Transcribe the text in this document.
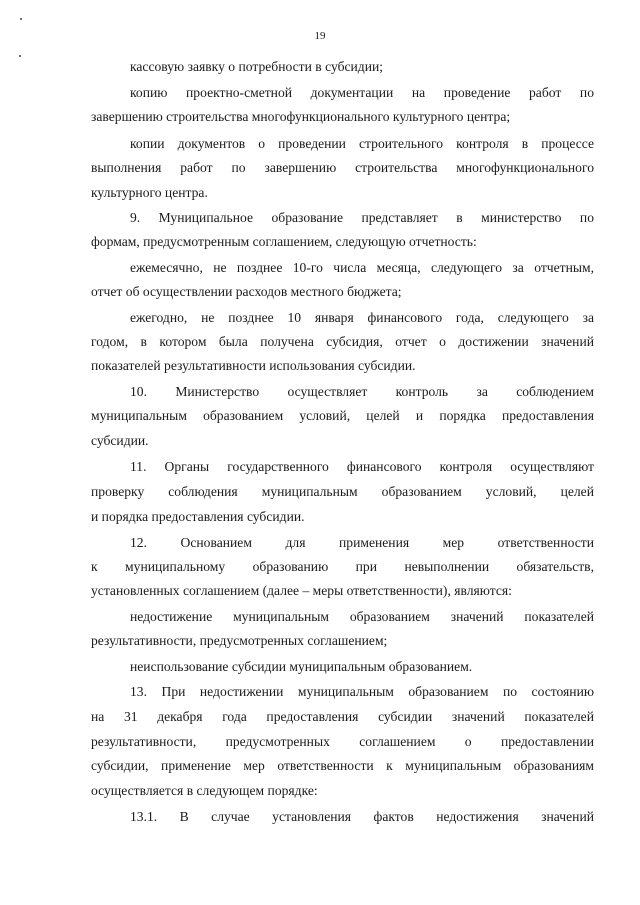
19
кассовую заявку о потребности в субсидии;
копию проектно-сметной документации на проведение работ по
завершению строительства многофункционального культурного центра;
копии документов о проведении строительного контроля в процессе
выполнения работ по завершению строительства многофункционального
культурного центра.
9. Муниципальное образование представляет в министерство по
формам, предусмотренным соглашением, следующую отчетность:
ежемесячно, не позднее 10-го числа месяца, следующего за отчетным,
отчет об осуществлении расходов местного бюджета;
ежегодно, не позднее 10 января финансового года, следующего за
годом, в котором была получена субсидия, отчет о достижении значений
показателей результативности использования субсидии.
10. Министерство осуществляет контроль за соблюдением
муниципальным образованием условий, целей и порядка предоставления
субсидии.
11. Органы государственного финансового контроля осуществляют
проверку соблюдения муниципальным образованием условий, целей
и порядка предоставления субсидии.
12. Основанием для применения мер ответственности
к муниципальному образованию при невыполнении обязательств,
установленных соглашением (далее – меры ответственности), являются:
недостижение муниципальным образованием значений показателей
результативности, предусмотренных соглашением;
неиспользование субсидии муниципальным образованием.
13. При недостижении муниципальным образованием по состоянию
на 31 декабря года предоставления субсидии значений показателей
результативности, предусмотренных соглашением о предоставлении
субсидии, применение мер ответственности к муниципальным образованиям
осуществляется в следующем порядке:
13.1. В случае установления фактов недостижения значений
